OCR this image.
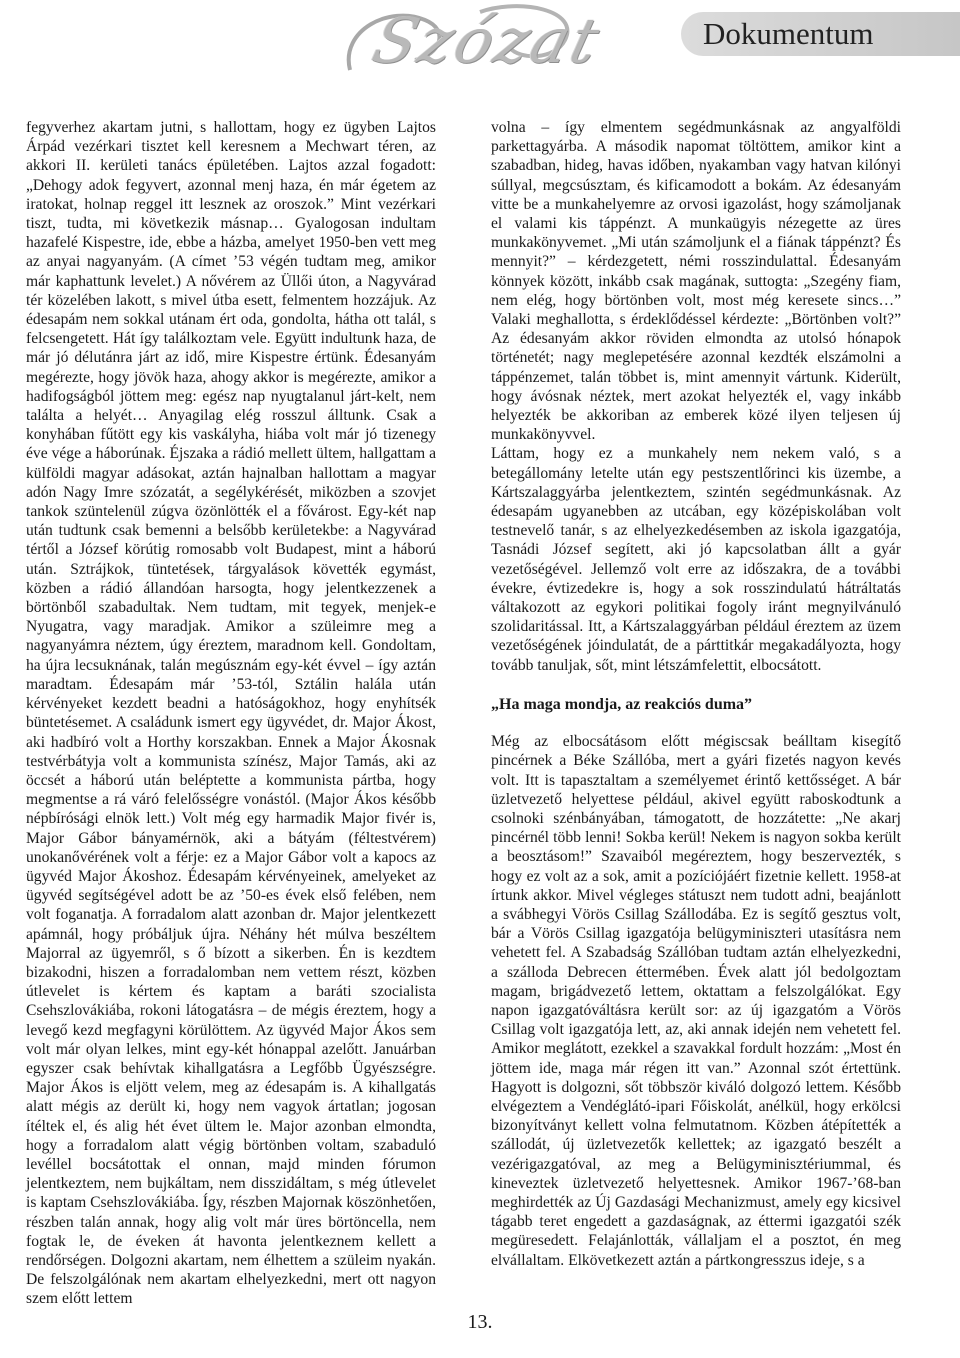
Szózat	Dokumentum

fegyverhez akartam jutni, s hallottam, hogy ez ügyben Lajtos Árpád vezérkari tisztet kell keresnem a Mechwart téren, az akkori II. kerületi tanács épületében. Lajtos azzal fogadott: „Dehogy adok fegyvert, azonnal menj haza, én már égetem az iratokat, holnap reggel itt lesznek az oroszok.” Mint vezérkari tiszt, tudta, mi következik másnap… Gyalogosan indultam hazafelé Kispestre, ide, ebbe a házba, amelyet 1950-ben vett meg az anyai nagyanyám. (A címet ’53 végén tudtam meg, amikor már kaphattunk levelet.) A nővérem az Üllői úton, a Nagyvárad tér közelében lakott, s mivel útba esett, felmentem hozzájuk. Az édesapám nem sokkal utánam ért oda, gondolta, hátha ott talál, s felcsengetett. Hát így találkoztam vele. Együtt indultunk haza, de már jó délutánra járt az idő, mire Kispestre értünk. Édesanyám megérezte, hogy jövök haza, ahogy akkor is megérezte, amikor a hadifogságból jöttem meg: egész nap nyugtalanul járt-kelt, nem találta a helyét… Anyagilag elég rosszul álltunk. Csak a konyhában fűtött egy kis vaskályha, hiába volt már jó tizenegy éve vége a háborúnak. Éjszaka a rádió mellett ültem, hallgattam a külföldi magyar adásokat, aztán hajnalban hallottam a magyar adón Nagy Imre szózatát, a segélykérését, miközben a szovjet tankok szüntelenül zúgva özönlötték el a fővárost. Egy-két nap után tudtunk csak bemenni a belsőbb kerületekbe: a Nagyvárad tértől a József körútig romosabb volt Budapest, mint a háború után. Sztrájkok, tüntetések, tárgyalások követték egymást, közben a rádió állandóan harsogta, hogy jelentkezzenek a börtönből szabadultak. Nem tudtam, mit tegyek, menjek-e Nyugatra, vagy maradjak. Amikor a szüleimre meg a nagyanyámra néztem, úgy éreztem, maradnom kell. Gondoltam, ha újra lecsuknának, talán megúsznám egy-két évvel – így aztán maradtam. Édesapám már ’53-tól, Sztálin halála után kérvényeket kezdett beadni a hatóságokhoz, hogy enyhítsék büntetésemet. A családunk ismert egy ügyvédet, dr. Major Ákost, aki hadbíró volt a Horthy korszakban. Ennek a Major Ákosnak testvérbátyja volt a kommunista színész, Major Tamás, aki az öccsét a háború után beléptette a kommunista pártba, hogy megmentse a rá váró felelősségre vonástól. (Major Ákos később népbírósági elnök lett.) Volt még egy harmadik Major fivér is, Major Gábor bányamérnök, aki a bátyám (féltestvérem) unokanővérének volt a férje: ez a Major Gábor volt a kapocs az ügyvéd Major Ákoshoz. Édesapám kérvényeinek, amelyeket az ügyvéd segítségével adott be az ’50-es évek első felében, nem volt foganatja. A forradalom alatt azonban dr. Major jelentkezett apámnál, hogy próbáljuk újra. Néhány hét múlva beszéltem Majorral az ügyemről, s ő bízott a sikerben. Én is kezdtem bizakodni, hiszen a forradalomban nem vettem részt, közben útlevelet is kértem és kaptam a baráti szocialista Csehszlovákiába, rokoni látogatásra – de mégis éreztem, hogy a levegő kezd megfagyni körülöttem. Az ügyvéd Major Ákos sem volt már olyan lelkes, mint egy-két hónappal azelőtt. Januárban egyszer csak behívtak kihallgatásra a Legfőbb Ügyészségre. Major Ákos is eljött velem, meg az édesapám is. A kihallgatás alatt mégis az derült ki, hogy nem vagyok ártatlan; jogosan ítéltek el, és alig hét évet ültem le. Major azonban elmondta, hogy a forradalom alatt végig börtönben voltam, szabaduló levéllel bocsátottak el onnan, majd minden fórumon jelentkeztem, nem bujkáltam, nem disszidáltam, s még útlevelet is kaptam Csehszlovákiába. Így, részben Majornak köszönhetően, részben talán annak, hogy alig volt már üres börtöncella, nem fogtak le, de éveken át havonta jelentkeznem kellett a rendőrségen. Dolgozni akartam, nem élhettem a szüleim nyakán. De felszolgálónak nem akartam elhelyezkedni, mert ott nagyon szem előtt lettem

volna – így elmentem segédmunkásnak az angyalföldi parkettagyárba. A második napomat töltöttem, amikor kint a szabadban, hideg, havas időben, nyakamban vagy hatvan kilónyi súllyal, megcsúsztam, és kificamodott a bokám. Az édesanyám vitte be a munkahelyemre az orvosi igazolást, hogy számoljanak el valami kis táppénzt. A munkaügyis nézegette az üres munkakönyvemet. „Mi után számoljunk el a fiának táppénzt? És mennyit?” – kérdezgetett, némi rosszindulattal. Édesanyám könnyek között, inkább csak magának, suttogta: „Szegény fiam, nem elég, hogy börtönben volt, most még keresete sincs…” Valaki meghallotta, s érdeklődéssel kérdezte: „Börtönben volt?” Az édesanyám akkor röviden elmondta az utolsó hónapok történetét; nagy meglepetésére azonnal kezdték elszámolni a táppénzemet, talán többet is, mint amennyit vártunk. Kiderült, hogy ávósnak néztek, mert azokat helyezték el, vagy inkább helyezték be akkoriban az emberek közé ilyen teljesen új munkakönyvvel.

Láttam, hogy ez a munkahely nem nekem való, s a betegállomány letelte után egy pestszentlőrinci kis üzembe, a Kártszalaggyárba jelentkeztem, szintén segédmunkásnak. Az édesapám ugyanebben az utcában, egy középiskolában volt testnevelő tanár, s az elhelyezkedésemben az iskola igazgatója, Tasnádi József segített, aki jó kapcsolatban állt a gyár vezetőségével. Jellemző volt erre az időszakra, de a további évekre, évtizedekre is, hogy a sok rosszindulatú hátráltatás váltakozott az egykori politikai fogoly iránt megnyilvánuló szolidaritással. Itt, a Kártszalaggyárban például éreztem az üzem vezetőségének jóindulatát, de a párttitkár megakadályozta, hogy tovább tanuljak, sőt, mint létszámfelettit, elbocsátott.

„Ha maga mondja, az reakciós duma”

Még az elbocsátásom előtt mégiscsak beálltam kisegítő pincérnek a Béke Szállóba, mert a gyári fizetés nagyon kevés volt. Itt is tapasztaltam a személyemet érintő kettősséget. A bár üzletvezető helyettese például, akivel együtt raboskodtunk a csolnoki szénbányában, támogatott, de hozzátette: „Ne akarj pincérnél több lenni! Sokba kerül! Nekem is nagyon sokba került a beosztásom!” Szavaiból megéreztem, hogy beszervezték, s hogy ez volt az a sok, amit a pozíciójáért fizetnie kellett. 1958-at írtunk akkor. Mivel végleges státuszt nem tudott adni, beajánlott a svábhegyi Vörös Csillag Szállodába. Ez is segítő gesztus volt, bár a Vörös Csillag igazgatója belügyminiszteri utasításra nem vehetett fel. A Szabadság Szállóban tudtam aztán elhelyezkedni, a szálloda Debrecen éttermében. Évek alatt jól bedolgoztam magam, brigádvezető lettem, oktattam a felszolgálókat. Egy napon igazgatóváltásra került sor: az új igazgatóm a Vörös Csillag volt igazgatója lett, az, aki annak idején nem vehetett fel. Amikor meglátott, ezekkel a szavakkal fordult hozzám: „Most én jöttem ide, maga már régen itt van.” Azonnal szót értettünk. Hagyott is dolgozni, sőt többször kiváló dolgozó lettem. Később elvégeztem a Vendéglátó-ipari Főiskolát, anélkül, hogy erkölcsi bizonyítványt kellett volna felmutatnom. Közben átépítették a szállodát, új üzletvezetők kellettek; az igazgató beszélt a vezérigazgatóval, az meg a Belügyminisztériummal, és kineveztek üzletvezető helyettesnek. Amikor 1967-’68-ban meghirdették az Új Gazdasági Mechanizmust, amely egy kicsivel tágabb teret engedett a gazdaságnak, az éttermi igazgatói szék megüresedett. Felajánlották, vállaljam el a posztot, én meg elvállaltam. Elkövetkezett aztán a pártkongresszus ideje, s a

13.
